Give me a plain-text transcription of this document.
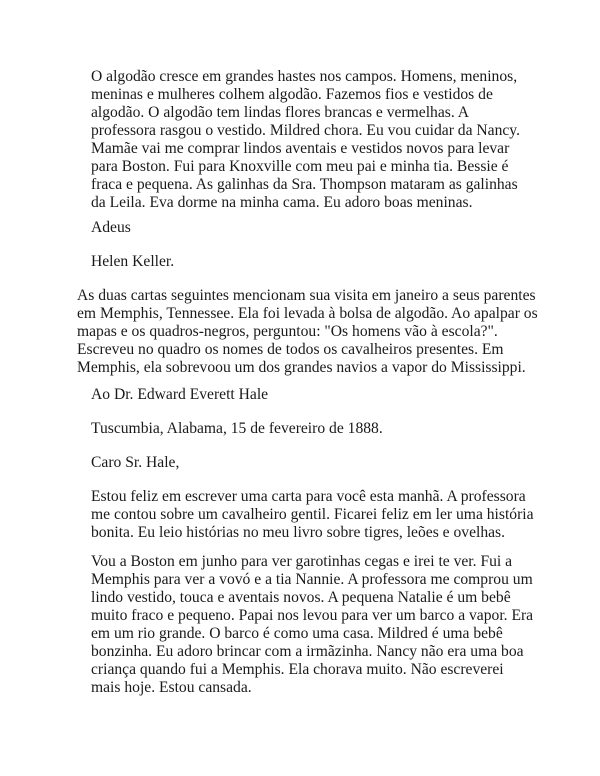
O algodão cresce em grandes hastes nos campos. Homens, meninos,
meninas e mulheres colhem algodão. Fazemos fios e vestidos de
algodão. O algodão tem lindas flores brancas e vermelhas. A
professora rasgou o vestido. Mildred chora. Eu vou cuidar da Nancy.
Mamãe vai me comprar lindos aventais e vestidos novos para levar
para Boston. Fui para Knoxville com meu pai e minha tia. Bessie é
fraca e pequena. As galinhas da Sra. Thompson mataram as galinhas
da Leila. Eva dorme na minha cama. Eu adoro boas meninas.

Adeus

Helen Keller.

As duas cartas seguintes mencionam sua visita em janeiro a seus parentes
em Memphis, Tennessee. Ela foi levada à bolsa de algodão. Ao apalpar os
mapas e os quadros-negros, perguntou: "Os homens vão à escola?".
Escreveu no quadro os nomes de todos os cavalheiros presentes. Em
Memphis, ela sobrevoou um dos grandes navios a vapor do Mississippi.

Ao Dr. Edward Everett Hale

Tuscumbia, Alabama, 15 de fevereiro de 1888.

Caro Sr. Hale,

Estou feliz em escrever uma carta para você esta manhã. A professora
me contou sobre um cavalheiro gentil. Ficarei feliz em ler uma história
bonita. Eu leio histórias no meu livro sobre tigres, leões e ovelhas.

Vou a Boston em junho para ver garotinhas cegas e irei te ver. Fui a
Memphis para ver a vovó e a tia Nannie. A professora me comprou um
lindo vestido, touca e aventais novos. A pequena Natalie é um bebê
muito fraco e pequeno. Papai nos levou para ver um barco a vapor. Era
em um rio grande. O barco é como uma casa. Mildred é uma bebê
bonzinha. Eu adoro brincar com a irmãzinha. Nancy não era uma boa
criança quando fui a Memphis. Ela chorava muito. Não escreverei
mais hoje. Estou cansada.
